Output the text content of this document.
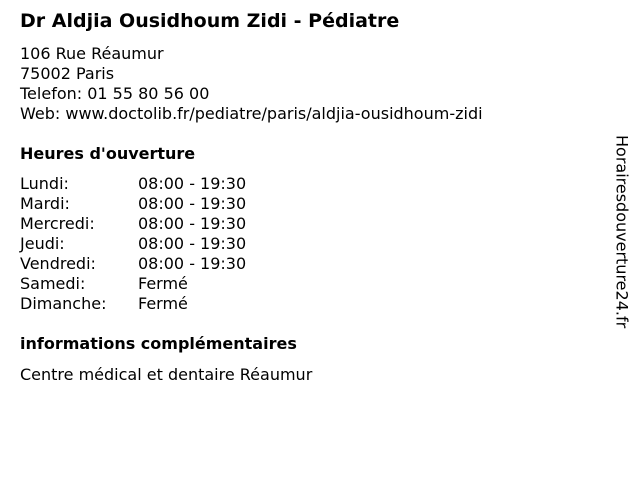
Dr Aldjia Ousidhoum Zidi - Pédiatre
106 Rue Réaumur
75002 Paris
Telefon: 01 55 80 56 00
Web: www.doctolib.fr/pediatre/paris/aldjia-ousidhoum-zidi
Heures d'ouverture
Lundi:	08:00 - 19:30
Mardi:	08:00 - 19:30
Mercredi:	08:00 - 19:30
Jeudi:	08:00 - 19:30
Vendredi:	08:00 - 19:30
Samedi:	Fermé
Dimanche:	Fermé
informations complémentaires
Centre médical et dentaire Réaumur
Horairesdouverture24.fr
